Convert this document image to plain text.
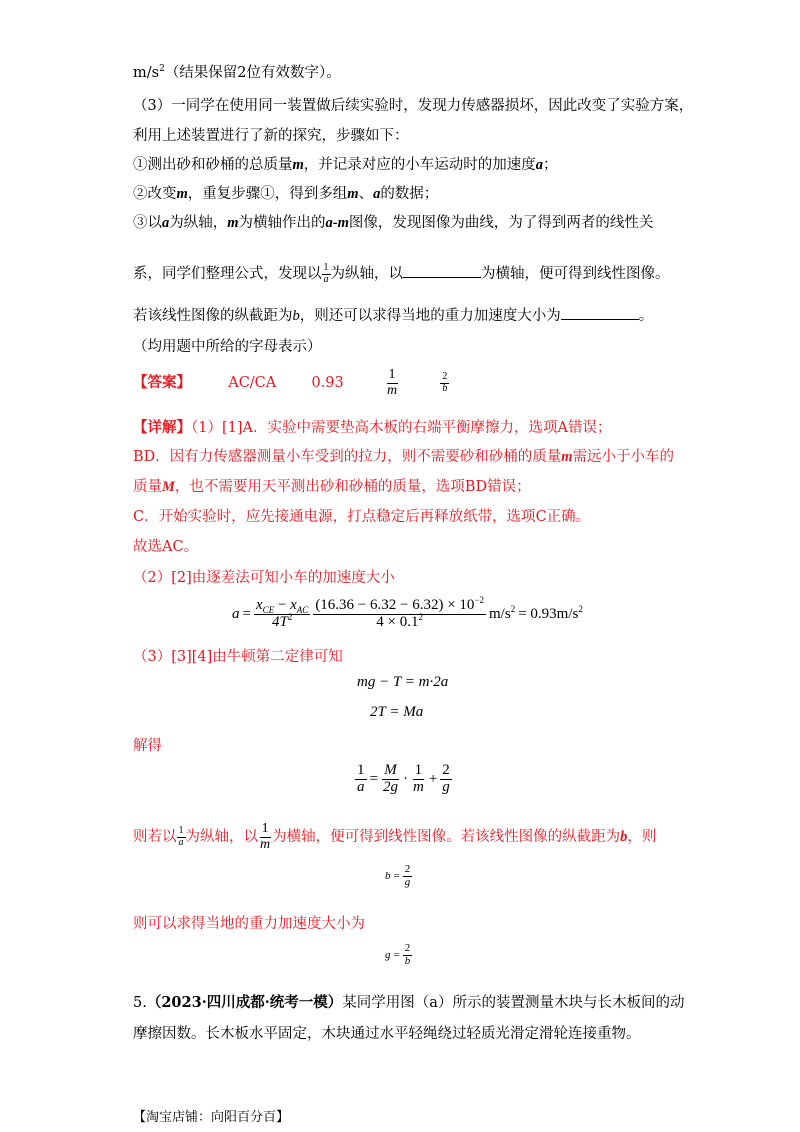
$m/s^2$（结果保留2位有效数字）。
（3）一同学在使用同一装置做后续实验时，发现力传感器损坏，因此改变了实验方案，
利用上述装置进行了新的探究，步骤如下：
①测出砂和砂桶的总质量m，并记录对应的小车运动时的加速度a；
②改变m，重复步骤①，得到多组m、a的数据；
③以a为纵轴，m为横轴作出的a-m图像，发现图像为曲线，为了得到两者的线性关
系，同学们整理公式，发现以 $\frac{1}{a}$ 为纵轴，以	为横轴，便可得到线性图像。
若该线性图像的纵截距为b，则还可以求得当地的重力加速度大小为	。
（均用题中所给的字母表示）
【答案】	AC/CA 0.93	$\frac{1}{m}$
	$\frac{2}{b}$
【详解】（1）[1]A．实验中需要垫高木板的右端平衡摩擦力，选项A错误；
BD．因有力传感器测量小车受到的拉力，则不需要砂和砂桶的质量m需远小于小车的
质量M，也不需要用天平测出砂和砂桶的质量，选项BD错误；
C．开始实验时，应先接通电源，打点稳定后再释放纸带，选项C正确。
故选AC。
（2）[2]由逐差法可知小车的加速度大小
$a = \frac{x_{CE} - x_{AC}}{4T^2} \frac{(16.36 - 6.32 - 6.32) \times 10^{-2}}{4 \times 0.1^2} m/s^2 = 0.93m/s^2$
（3）[3][4]由牛顿第二定律可知
mg − T = m·2a
2T = Ma
解得
$\frac{1}{a} = \frac{M}{2g} \cdot \frac{1}{m} + \frac{2}{g}$
则若以 $\frac{1}{a}$ 为纵轴，以 $\frac{1}{m}$ 为横轴，便可得到线性图像。若该线性图像的纵截距为b，则
$b = \frac{2}{g}$
则可以求得当地的重力加速度大小为
$g = \frac{2}{b}$
5.（2023·四川成都·统考一模）某同学用图（a）所示的装置测量木块与长木板间的动
摩擦因数。长木板水平固定，木块通过水平轻绳绕过轻质光滑定滑轮连接重物。
【淘宝店铺：向阳百分百】
